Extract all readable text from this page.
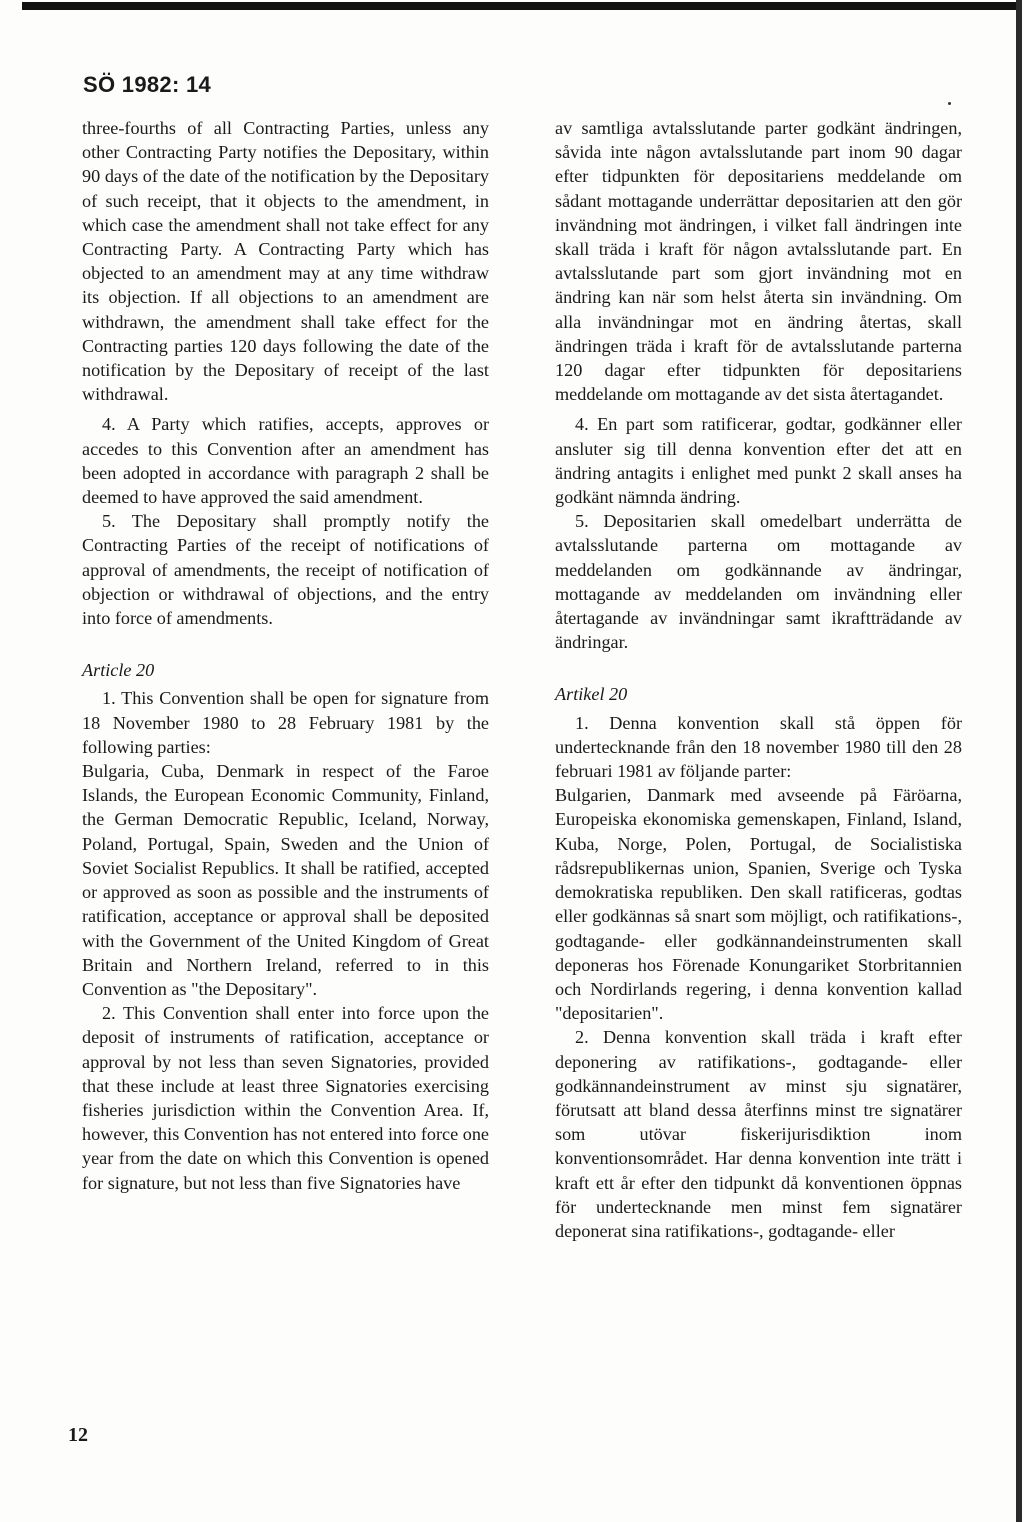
SÖ 1982: 14

three-fourths of all Contracting Parties, unless any other Contracting Party notifies the Depositary, within 90 days of the date of the notification by the Depositary of such receipt, that it objects to the amendment, in which case the amendment shall not take effect for any Contracting Party. A Contracting Party which has objected to an amendment may at any time withdraw its objection. If all objections to an amendment are withdrawn, the amendment shall take effect for the Contracting parties 120 days following the date of the notification by the Depositary of receipt of the last withdrawal.

4. A Party which ratifies, accepts, approves or accedes to this Convention after an amendment has been adopted in accordance with paragraph 2 shall be deemed to have approved the said amendment.

5. The Depositary shall promptly notify the Contracting Parties of the receipt of notifications of approval of amendments, the receipt of notification of objection or withdrawal of objections, and the entry into force of amendments.

Article 20

1. This Convention shall be open for signature from 18 November 1980 to 28 February 1981 by the following parties:

Bulgaria, Cuba, Denmark in respect of the Faroe Islands, the European Economic Community, Finland, the German Democratic Republic, Iceland, Norway, Poland, Portugal, Spain, Sweden and the Union of Soviet Socialist Republics. It shall be ratified, accepted or approved as soon as possible and the instruments of ratification, acceptance or approval shall be deposited with the Government of the United Kingdom of Great Britain and Northern Ireland, referred to in this Convention as "the Depositary".

2. This Convention shall enter into force upon the deposit of instruments of ratification, acceptance or approval by not less than seven Signatories, provided that these include at least three Signatories exercising fisheries jurisdiction within the Convention Area. If, however, this Convention has not entered into force one year from the date on which this Convention is opened for signature, but not less than five Signatories have

av samtliga avtalsslutande parter godkänt ändringen, såvida inte någon avtalsslutande part inom 90 dagar efter tidpunkten för depositariens meddelande om sådant mottagande underrättar depositarien att den gör invändning mot ändringen, i vilket fall ändringen inte skall träda i kraft för någon avtalsslutande part. En avtalsslutande part som gjort invändning mot en ändring kan när som helst återta sin invändning. Om alla invändningar mot en ändring återtas, skall ändringen träda i kraft för de avtalsslutande parterna 120 dagar efter tidpunkten för depositariens meddelande om mottagande av det sista återtagandet.

4. En part som ratificerar, godtar, godkänner eller ansluter sig till denna konvention efter det att en ändring antagits i enlighet med punkt 2 skall anses ha godkänt nämnda ändring.

5. Depositarien skall omedelbart underrätta de avtalsslutande parterna om mottagande av meddelanden om godkännande av ändringar, mottagande av meddelanden om invändning eller återtagande av invändningar samt ikraftträdande av ändringar.

Artikel 20

1. Denna konvention skall stå öppen för undertecknande från den 18 november 1980 till den 28 februari 1981 av följande parter:

Bulgarien, Danmark med avseende på Färöarna, Europeiska ekonomiska gemenskapen, Finland, Island, Kuba, Norge, Polen, Portugal, de Socialistiska rådsrepublikernas union, Spanien, Sverige och Tyska demokratiska republiken. Den skall ratificeras, godtas eller godkännas så snart som möjligt, och ratifikations-, godtagande- eller godkännandeinstrumenten skall deponeras hos Förenade Konungariket Storbritannien och Nordirlands regering, i denna konvention kallad "depositarien".

2. Denna konvention skall träda i kraft efter deponering av ratifikations-, godtagande- eller godkännandeinstrument av minst sju signatärer, förutsatt att bland dessa återfinns minst tre signatärer som utövar fiskerijurisdiktion inom konventionsområdet. Har denna konvention inte trätt i kraft ett år efter den tidpunkt då konventionen öppnas för undertecknande men minst fem signatärer deponerat sina ratifikations-, godtagande- eller

12
